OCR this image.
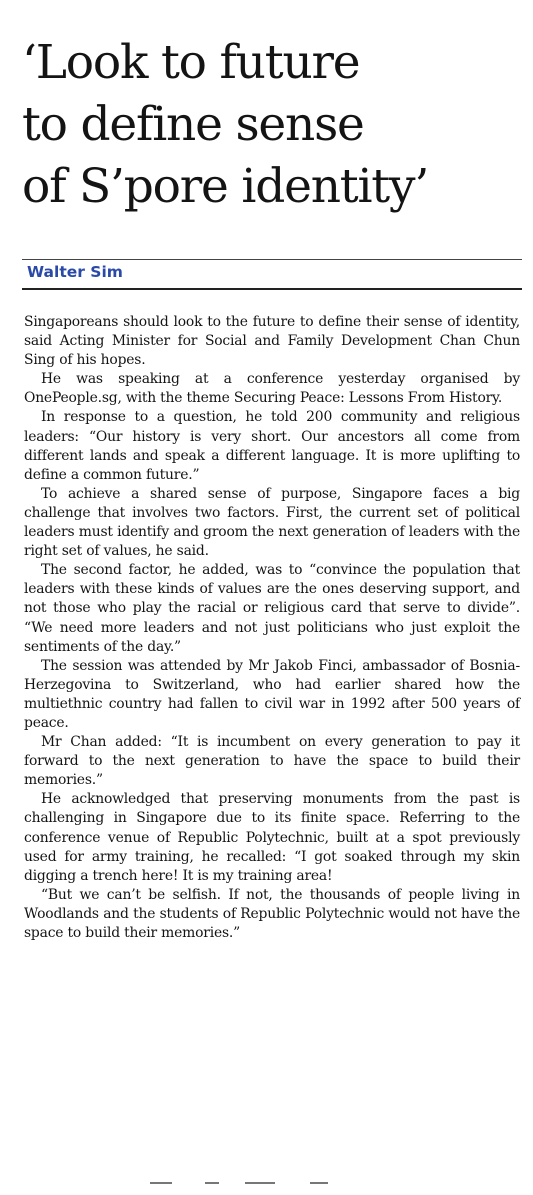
‘Look to future
to define sense
of S’pore identity’
Walter Sim

Singaporeans should look to the future to define their sense of identity, said Acting Minister for Social and Family Development Chan Chun Sing of his hopes.

He was speaking at a conference yesterday organised by OnePeople.sg, with the theme Securing Peace: Lessons From History.

In response to a question, he told 200 community and religious leaders: “Our history is very short. Our ancestors all come from different lands and speak a different language. It is more uplifting to define a common future.”

To achieve a shared sense of purpose, Singapore faces a big challenge that involves two factors. First, the current set of political leaders must identify and groom the next generation of leaders with the right set of values, he said.

The second factor, he added, was to “convince the population that leaders with these kinds of values are the ones deserving support, and not those who play the racial or religious card that serve to divide”. “We need more leaders and not just politicians who just exploit the sentiments of the day.”

The session was attended by Mr Jakob Finci, ambassador of Bosnia-Herzegovina to Switzerland, who had earlier shared how the multiethnic country had fallen to civil war in 1992 after 500 years of peace.

Mr Chan added: “It is incumbent on every generation to pay it forward to the next generation to have the space to build their memories.”

He acknowledged that preserving monuments from the past is challenging in Singapore due to its finite space. Referring to the conference venue of Republic Polytechnic, built at a spot previously used for army training, he recalled: “I got soaked through my skin digging a trench here! It is my training area!

“But we can’t be selfish. If not, the thousands of people living in Woodlands and the students of Republic Polytechnic would not have the space to build their memories.”
